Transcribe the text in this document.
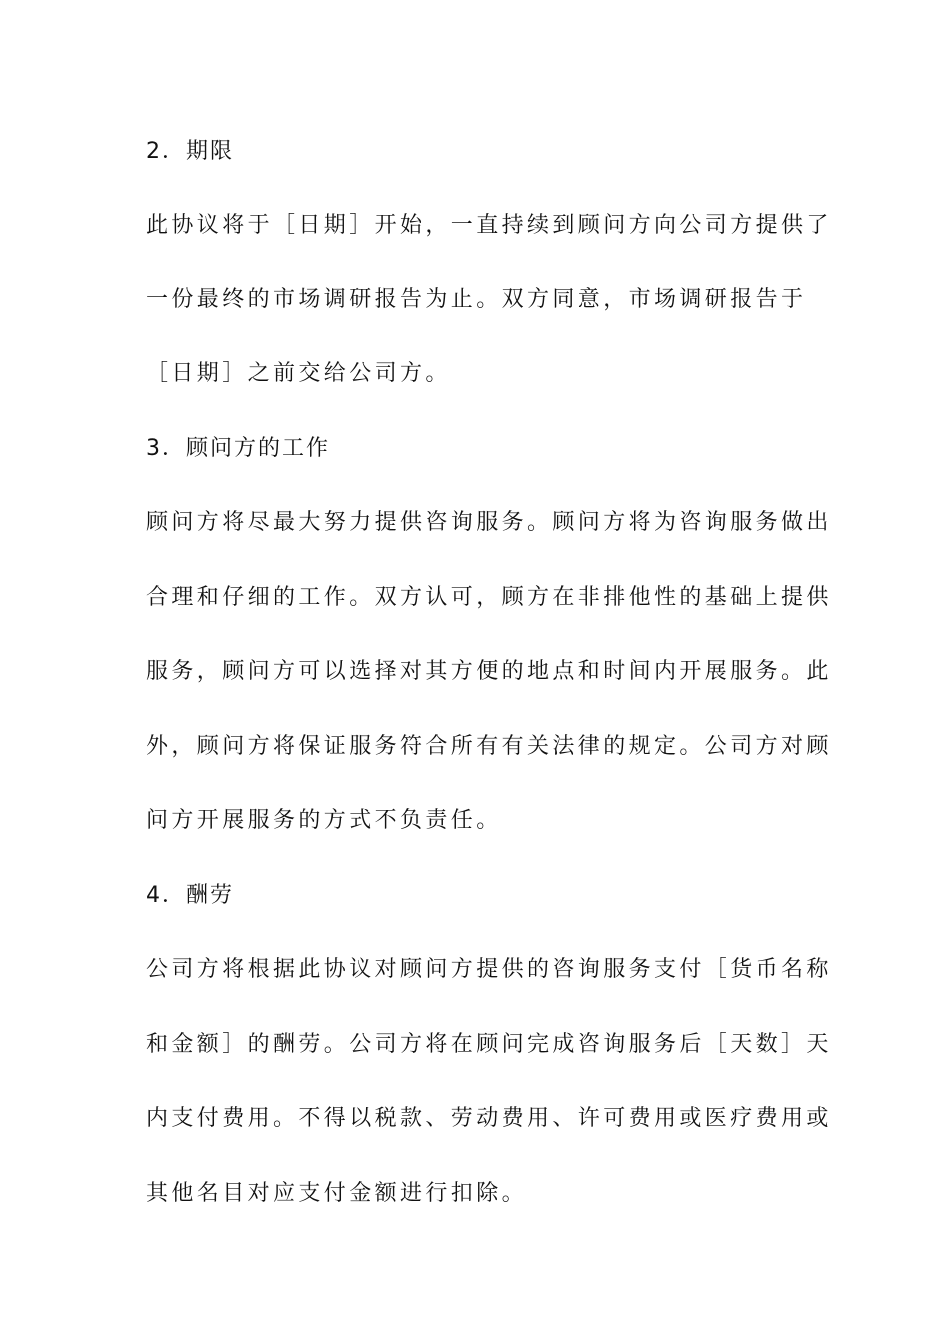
2．期限
此协议将于［日期］开始，一直持续到顾问方向公司方提供了
一份最终的市场调研报告为止。双方同意，市场调研报告于
［日期］之前交给公司方。
3．顾问方的工作
顾问方将尽最大努力提供咨询服务。顾问方将为咨询服务做出
合理和仔细的工作。双方认可，顾方在非排他性的基础上提供
服务，顾问方可以选择对其方便的地点和时间内开展服务。此
外，顾问方将保证服务符合所有有关法律的规定。公司方对顾
问方开展服务的方式不负责任。
4．酬劳
公司方将根据此协议对顾问方提供的咨询服务支付［货币名称
和金额］的酬劳。公司方将在顾问完成咨询服务后［天数］天
内支付费用。不得以税款、劳动费用、许可费用或医疗费用或
其他名目对应支付金额进行扣除。
